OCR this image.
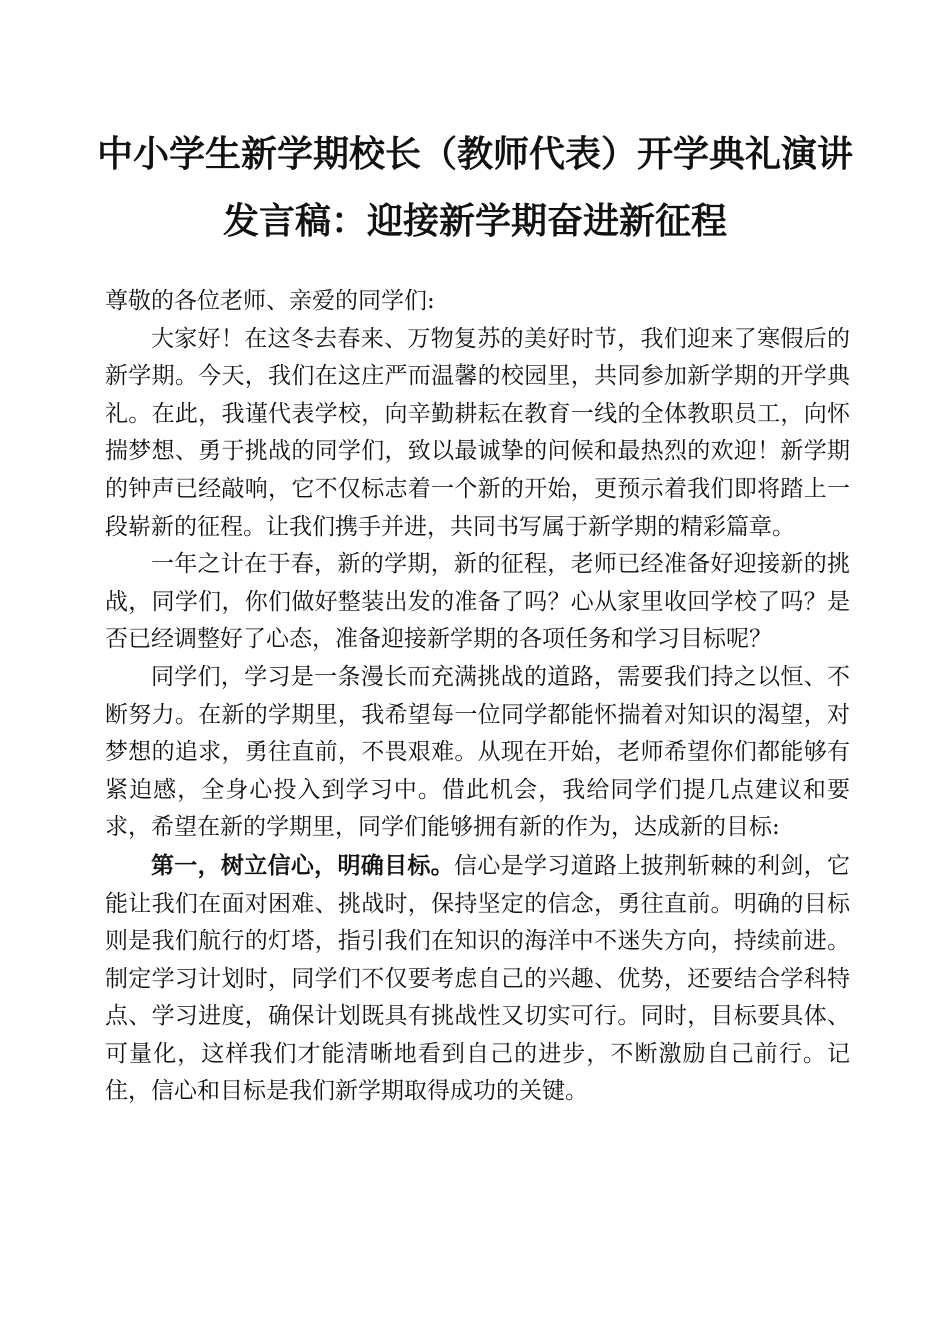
中小学生新学期校长（教师代表）开学典礼演讲
发言稿：迎接新学期奋进新征程

尊敬的各位老师、亲爱的同学们:

大家好！在这冬去春来、万物复苏的美好时节，我们迎来了寒假后的新学期。今天，我们在这庄严而温馨的校园里，共同参加新学期的开学典礼。在此，我谨代表学校，向辛勤耕耘在教育一线的全体教职员工，向怀揣梦想、勇于挑战的同学们，致以最诚挚的问候和最热烈的欢迎！新学期的钟声已经敲响，它不仅标志着一个新的开始，更预示着我们即将踏上一段崭新的征程。让我们携手并进，共同书写属于新学期的精彩篇章。

一年之计在于春，新的学期，新的征程，老师已经准备好迎接新的挑战，同学们，你们做好整装出发的准备了吗？心从家里收回学校了吗？是否已经调整好了心态，准备迎接新学期的各项任务和学习目标呢？

同学们，学习是一条漫长而充满挑战的道路，需要我们持之以恒、不断努力。在新的学期里，我希望每一位同学都能怀揣着对知识的渴望，对梦想的追求，勇往直前，不畏艰难。从现在开始，老师希望你们都能够有紧迫感，全身心投入到学习中。借此机会，我给同学们提几点建议和要求，希望在新的学期里，同学们能够拥有新的作为，达成新的目标:

第一，树立信心，明确目标。信心是学习道路上披荆斩棘的利剑，它能让我们在面对困难、挑战时，保持坚定的信念，勇往直前。明确的目标则是我们航行的灯塔，指引我们在知识的海洋中不迷失方向，持续前进。制定学习计划时，同学们不仅要考虑自己的兴趣、优势，还要结合学科特点、学习进度，确保计划既具有挑战性又切实可行。同时，目标要具体、可量化，这样我们才能清晰地看到自己的进步，不断激励自己前行。记住，信心和目标是我们新学期取得成功的关键。
